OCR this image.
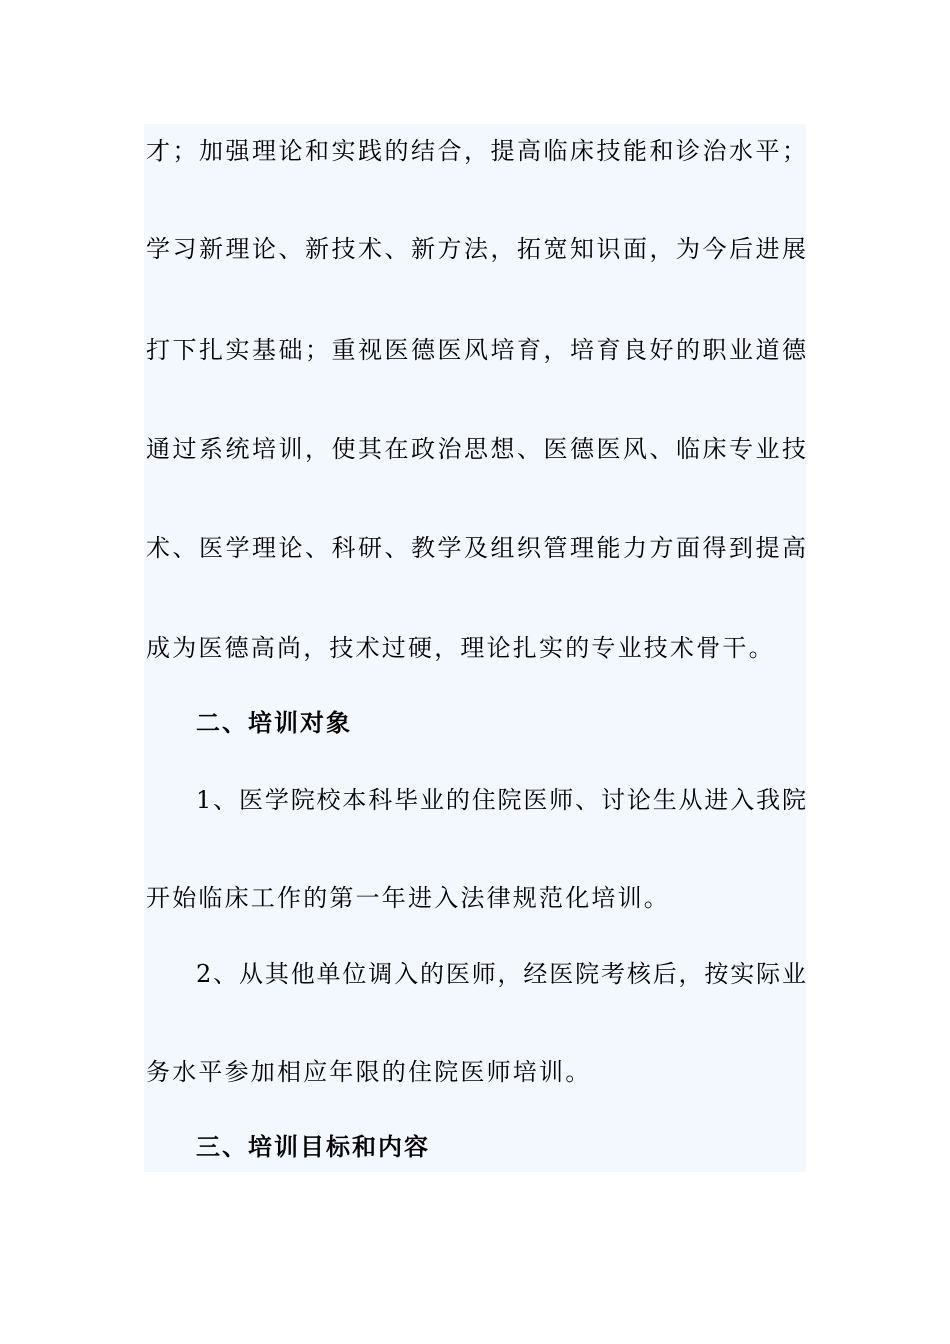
才；加强理论和实践的结合，提高临床技能和诊治水平；
学习新理论、新技术、新方法，拓宽知识面，为今后进展
打下扎实基础；重视医德医风培育，培育良好的职业道德
通过系统培训，使其在政治思想、医德医风、临床专业技
术、医学理论、科研、教学及组织管理能力方面得到提高
成为医德高尚，技术过硬，理论扎实的专业技术骨干。
二、培训对象
1、医学院校本科毕业的住院医师、讨论生从进入我院
开始临床工作的第一年进入法律规范化培训。
2、从其他单位调入的医师，经医院考核后，按实际业
务水平参加相应年限的住院医师培训。
三、培训目标和内容
